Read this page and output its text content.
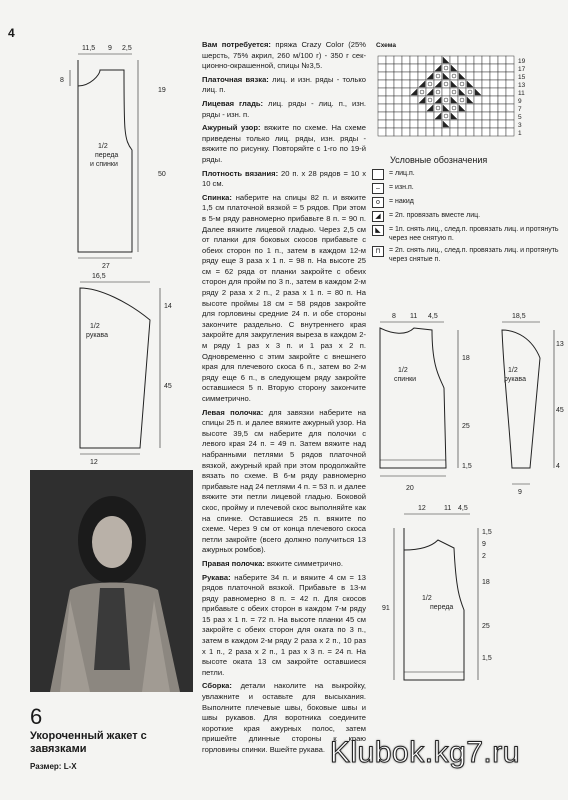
4
11,5 9 2,5
8
19
50
27
1/2
переда
и спинки
16,5
14
45
12
1/2
рукава
6
Укороченный жакет с завязками
Размер: L-X

Вам потребуется: пряжа Crazy Color (25% шерсть, 75% акрил, 260 м/100 г) - 350 г секционно-окрашенной, спицы №3,5.

Платочная вязка: лиц. и изн. ряды - только лиц. п.

Лицевая гладь: лиц. ряды - лиц. п., изн. ряды - изн. п.

Ажурный узор: вяжите по схеме. На схеме приведены только лиц. ряды, изн. ряды - вяжите по рисунку. Повторяйте с 1-го по 19-й ряды.

Плотность вязания: 20 п. х 28 рядов = 10 х 10 см.

Спинка: наберите на спицы 82 п. и вяжите 1,5 см платочной вязкой = 5 рядов. При этом в 5-м ряду равномерно прибавьте 8 п. = 90 п. Далее вяжите лицевой гладью. Через 2,5 см от планки для боковых скосов прибавьте с обеих сторон по 1 п., затем в каждом 12-м ряду еще 3 раза х 1 п. = 98 п. На высоте 25 см = 62 ряда от планки закройте с обеих сторон для пройм по 3 п., затем в каждом 2-м ряду 2 раза х 2 п., 2 раза х 1 п. = 80 п. На высоте проймы 18 см = 58 рядов закройте для горловины средние 24 п. и обе стороны закончите раздельно. С внутреннего края закройте для закругления выреза в каждом 2-м ряду 1 раз х 3 п. и 1 раз х 2 п. Одновременно с этим закройте с внешнего края для плечевого скоса 6 п., затем во 2-м ряду еще 6 п., в следующем ряду закройте оставшиеся 5 п. Вторую сторону закончите симметрично.

Левая полочка: для завязки наберите на спицы 25 п. и далее вяжите ажурный узор. На высоте 39,5 см наберите для полочки с левого края 24 п. = 49 п. Затем вяжите над набранными петлями 5 рядов платочной вязкой, ажурный край при этом продолжайте вязать по схеме. В 6-м ряду равномерно прибавьте над 24 петлями 4 п. = 53 п. и далее вяжите эти петли лицевой гладью. Боковой скос, пройму и плечевой скос выполняйте как на спинке. Оставшиеся 25 п. вяжите по схеме. Через 9 см от конца плечевого скоса петли закройте (всего должно получиться 13 ажурных ромбов).

Правая полочка: вяжите симметрично.

Рукава: наберите 34 п. и вяжите 4 см = 13 рядов платочной вязкой. Прибавьте в 13-м ряду равномерно 8 п. = 42 п. Для скосов прибавьте с обеих сторон в каждом 7-м ряду 15 раз х 1 п. = 72 п. На высоте планки 45 см закройте с обеих сторон для оката по 3 п., затем в каждом 2-м ряду 2 раза х 2 п., 10 раз х 1 п., 2 раза х 2 п., 1 раз х 3 п. = 24 п. На высоте оката 13 см закройте оставшиеся петли.

Сборка: детали наколите на выкройку, увлажните и оставьте для высыхания. Выполните плечевые швы, боковые швы и швы рукавов. Для воротника соедините короткие края ажурных полос, затем пришейте длинные стороны к краю горловины спинки. Вшейте рукава.

Схема
19
17
15
13
11
9
7
5
3
1
Условные обозначения
= лиц.п.
–	= изн.п.
o	= накид
◢	= 2п. провязать вместе лиц.
◣	= 1п. снять лиц., след.п. провязать лиц. и протянуть через нее снятую п.
⊓	= 2п. снять лиц., след.п. провязать лиц. и протянуть через снятые п.
8 11 4,5
18
25
1,5
20
1/2
спинки
18,5
13
45
4
9
1/2
рукава
12	11 4,5
1,5
9
2
18
25
91
1,5
1/2
переда
Klubok.kg7.ru
